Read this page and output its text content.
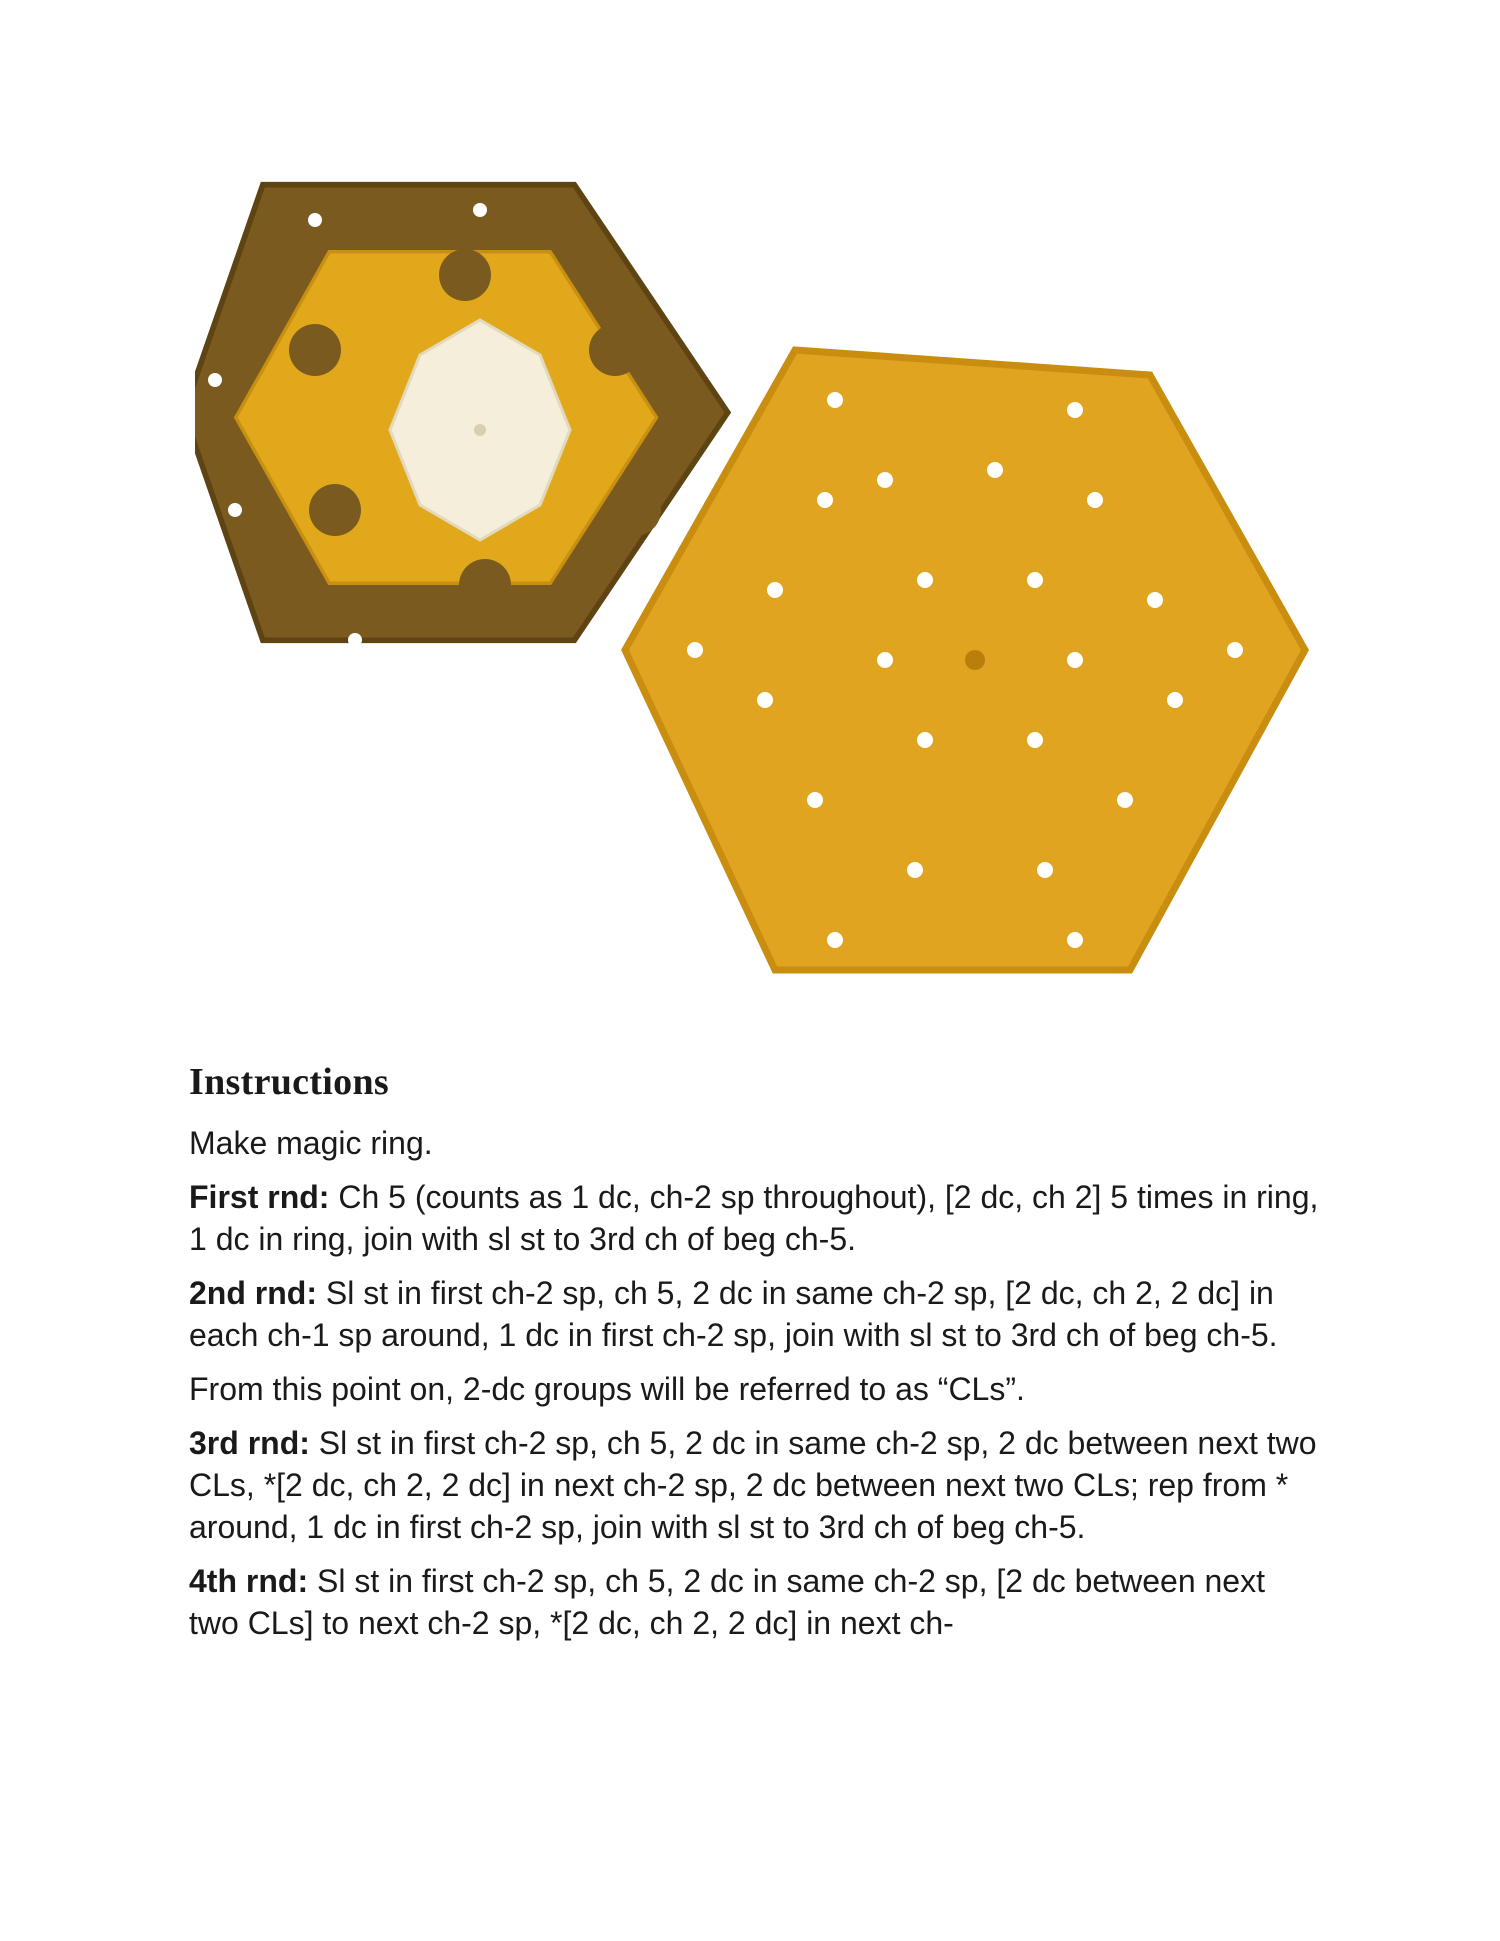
Instructions

Make magic ring.

First rnd: Ch 5 (counts as 1 dc, ch-2 sp throughout), [2 dc, ch 2] 5 times in ring, 1 dc in ring, join with sl st to 3rd ch of beg ch-5.

2nd rnd: Sl st in first ch-2 sp, ch 5, 2 dc in same ch-2 sp, [2 dc, ch 2, 2 dc] in each ch-1 sp around, 1 dc in first ch-2 sp, join with sl st to 3rd ch of beg ch-5.

From this point on, 2-dc groups will be referred to as “CLs”.

3rd rnd: Sl st in first ch-2 sp, ch 5, 2 dc in same ch-2 sp, 2 dc between next two CLs, *[2 dc, ch 2, 2 dc] in next ch-2 sp, 2 dc between next two CLs; rep from * around, 1 dc in first ch-2 sp, join with sl st to 3rd ch of beg ch-5.

4th rnd: Sl st in first ch-2 sp, ch 5, 2 dc in same ch-2 sp, [2 dc between next two CLs] to next ch-2 sp, *[2 dc, ch 2, 2 dc] in next ch-
